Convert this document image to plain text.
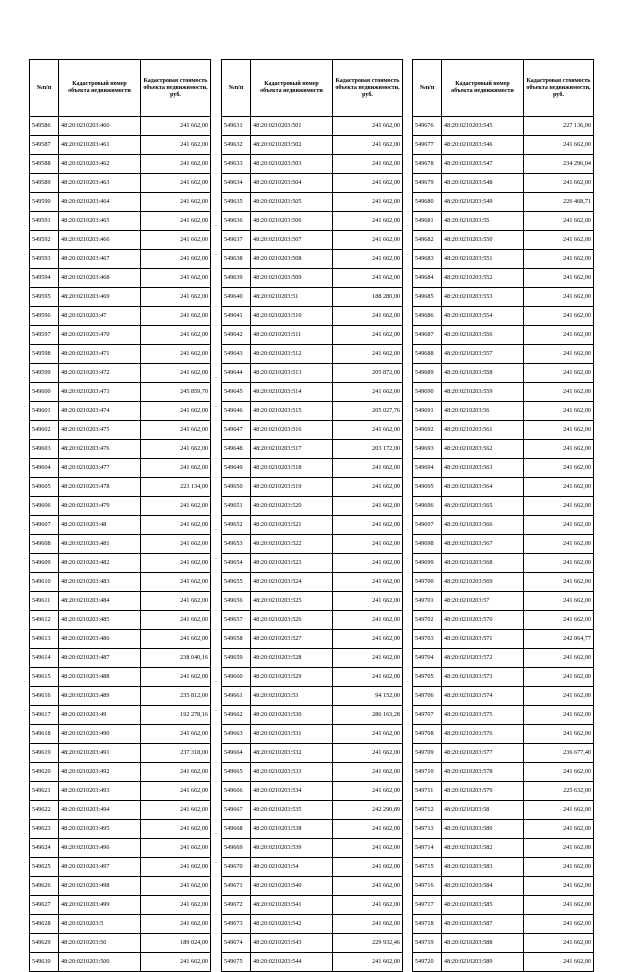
№п/п	Кадастровый номер объекта недвижимости	Кадастровая стоимость объекта недвижимости, руб.
549586	48:20:0210203:460	241 662,00
549587	48:20:0210203:461	241 662,00
549588	48:20:0210203:462	241 662,00
549589	48:20:0210203:463	241 662,00
549590	48:20:0210203:464	241 662,00
549591	48:20:0210203:465	241 662,00
549592	48:20:0210203:466	241 662,00
549593	48:20:0210203:467	241 662,00
549594	48:20:0210203:468	241 662,00
549595	48:20:0210203:469	241 662,00
549596	48:20:0210203:47	241 662,00
549597	48:20:0210203:470	241 662,00
549598	48:20:0210203:471	241 662,00
549599	48:20:0210203:472	241 662,00
549600	48:20:0210203:473	245 859,70
549601	48:20:0210203:474	241 662,00
549602	48:20:0210203:475	241 662,00
549603	48:20:0210203:476	241 662,00
549604	48:20:0210203:477	241 662,00
549605	48:20:0210203:478	223 134,00
549606	48:20:0210203:479	241 662,00
549607	48:20:0210203:48	241 662,00
549608	48:20:0210203:481	241 662,00
549609	48:20:0210203:482	241 662,00
549610	48:20:0210203:483	241 662,00
549611	48:20:0210203:484	241 662,00
549612	48:20:0210203:485	241 662,00
549613	48:20:0210203:486	241 662,00
549614	48:20:0210203:487	238 040,16
549615	48:20:0210203:488	241 662,00
549616	48:20:0210203:489	235 812,00
549617	48:20:0210203:49	192 278,16
549618	48:20:0210203:490	241 662,00
549619	48:20:0210203:491	237 318,00
549620	48:20:0210203:492	241 662,00
549621	48:20:0210203:493	241 662,00
549622	48:20:0210203:494	241 662,00
549623	48:20:0210203:495	241 662,00
549624	48:20:0210203:496	241 662,00
549625	48:20:0210203:497	241 662,00
549626	48:20:0210203:498	241 662,00
549627	48:20:0210203:499	241 662,00
549628	48:20:0210203:5	241 662,00
549629	48:20:0210203:50	189 024,00
549630	48:20:0210203:500	241 662,00
№п/п	Кадастровый номер объекта недвижимости	Кадастровая стоимость объекта недвижимости, руб.
549631	48:20:0210203:501	241 662,00
549632	48:20:0210203:502	241 662,00
549633	48:20:0210203:503	241 662,00
549634	48:20:0210203:504	241 662,00
549635	48:20:0210203:505	241 662,00
549636	48:20:0210203:506	241 662,00
549637	48:20:0210203:507	241 662,00
549638	48:20:0210203:508	241 662,00
549639	48:20:0210203:509	241 662,00
549640	48:20:0210203:51	188 280,00
549641	48:20:0210203:510	241 662,00
549642	48:20:0210203:511	241 662,00
549643	48:20:0210203:512	241 662,00
549644	48:20:0210203:513	205 872,00
549645	48:20:0210203:514	241 662,00
549646	48:20:0210203:515	205 027,76
549647	48:20:0210203:516	241 662,00
549648	48:20:0210203:517	203 172,00
549649	48:20:0210203:518	241 662,00
549650	48:20:0210203:519	241 662,00
549651	48:20:0210203:520	241 662,00
549652	48:20:0210203:521	241 662,00
549653	48:20:0210203:522	241 662,00
549654	48:20:0210203:523	241 662,00
549655	48:20:0210203:524	241 662,00
549656	48:20:0210203:525	241 662,00
549657	48:20:0210203:526	241 662,00
549658	48:20:0210203:527	241 662,00
549659	48:20:0210203:528	241 662,00
549660	48:20:0210203:529	241 662,00
549661	48:20:0210203:53	94 152,00
549662	48:20:0210203:530	286 163,28
549663	48:20:0210203:531	241 662,00
549664	48:20:0210203:532	241 662,00
549665	48:20:0210203:533	241 662,00
549666	48:20:0210203:534	241 662,00
549667	48:20:0210203:535	242 290,89
549668	48:20:0210203:538	241 662,00
549669	48:20:0210203:539	241 662,00
549670	48:20:0210203:54	241 662,00
549671	48:20:0210203:540	241 662,00
549672	48:20:0210203:541	241 662,00
549673	48:20:0210203:542	241 662,00
549674	48:20:0210203:543	229 932,46
549675	48:20:0210203:544	241 662,00
№п/п	Кадастровый номер объекта недвижимости	Кадастровая стоимость объекта недвижимости, руб.
549676	48:20:0210203:545	227 136,00
549677	48:20:0210203:546	241 662,00
549678	48:20:0210203:547	234 296,04
549679	48:20:0210203:548	241 662,00
549680	48:20:0210203:549	226 468,71
549681	48:20:0210203:55	241 662,00
549682	48:20:0210203:550	241 662,00
549683	48:20:0210203:551	241 662,00
549684	48:20:0210203:552	241 662,00
549685	48:20:0210203:553	241 662,00
549686	48:20:0210203:554	241 662,00
549687	48:20:0210203:556	241 662,00
549688	48:20:0210203:557	241 662,00
549689	48:20:0210203:558	241 662,00
549690	48:20:0210203:559	241 662,00
549691	48:20:0210203:56	241 662,00
549692	48:20:0210203:561	241 662,00
549693	48:20:0210203:562	241 662,00
549694	48:20:0210203:563	241 662,00
549695	48:20:0210203:564	241 662,00
549696	48:20:0210203:565	241 662,00
549697	48:20:0210203:566	241 662,00
549698	48:20:0210203:567	241 662,00
549699	48:20:0210203:568	241 662,00
549700	48:20:0210203:569	241 662,00
549701	48:20:0210203:57	241 662,00
549702	48:20:0210203:570	241 662,00
549703	48:20:0210203:571	242 064,77
549704	48:20:0210203:572	241 662,00
549705	48:20:0210203:573	241 662,00
549706	48:20:0210203:574	241 662,00
549707	48:20:0210203:575	241 662,00
549708	48:20:0210203:576	241 662,00
549709	48:20:0210203:577	236 677,40
549710	48:20:0210203:578	241 662,00
549711	48:20:0210203:579	225 632,00
549712	48:20:0210203:58	241 662,00
549713	48:20:0210203:580	241 662,00
549714	48:20:0210203:582	241 662,00
549715	48:20:0210203:583	241 662,00
549716	48:20:0210203:584	241 662,00
549717	48:20:0210203:585	241 662,00
549718	48:20:0210203:587	241 662,00
549719	48:20:0210203:588	241 662,00
549720	48:20:0210203:589	241 662,00
